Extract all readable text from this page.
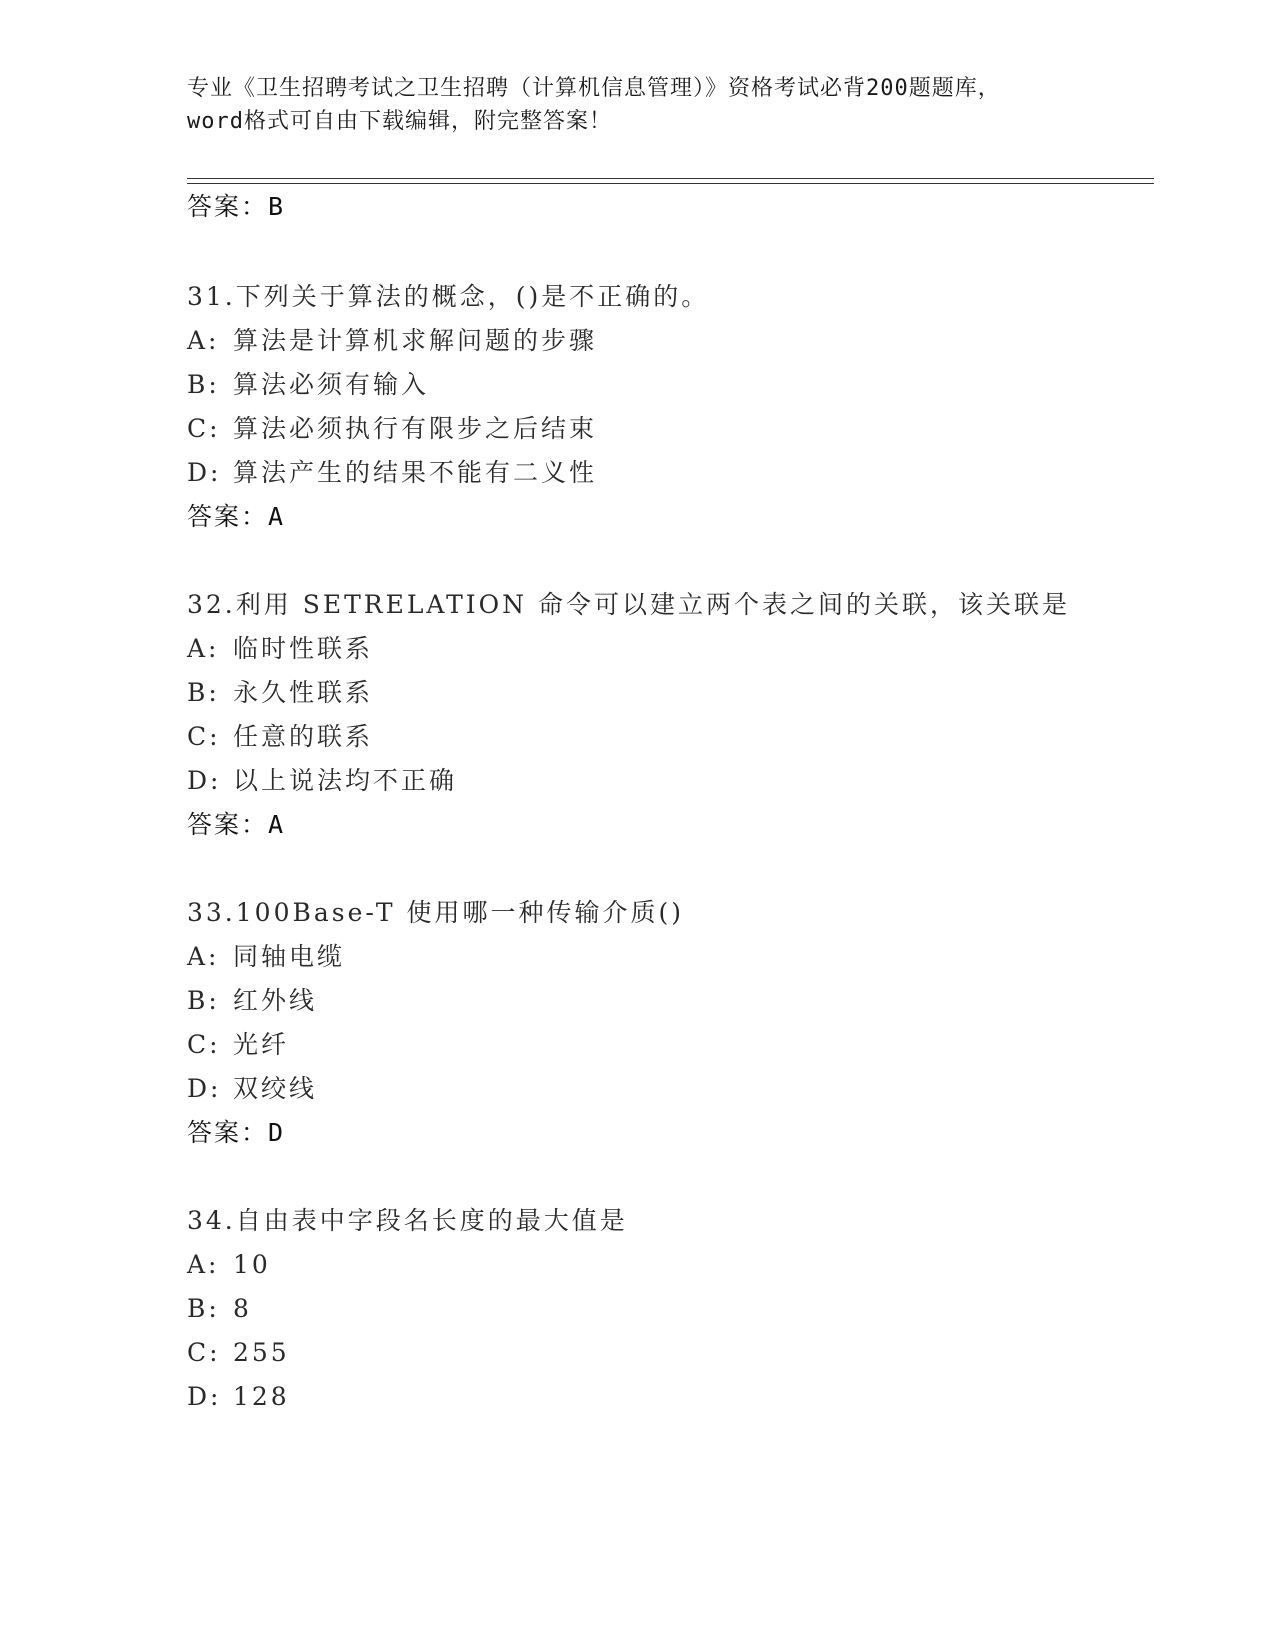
专业《卫生招聘考试之卫生招聘（计算机信息管理）》资格考试必背200题题库，
word格式可自由下载编辑，附完整答案！
答案：B
31.下列关于算法的概念，()是不正确的。
A: 算法是计算机求解问题的步骤
B: 算法必须有输入
C: 算法必须执行有限步之后结束
D: 算法产生的结果不能有二义性
答案：A
32.利用 SETRELATION 命令可以建立两个表之间的关联，该关联是
A: 临时性联系
B: 永久性联系
C: 任意的联系
D: 以上说法均不正确
答案：A
33.100Base-T 使用哪一种传输介质()
A: 同轴电缆
B: 红外线
C: 光纤
D: 双绞线
答案：D
34.自由表中字段名长度的最大值是
A: 10
B: 8
C: 255
D: 128
